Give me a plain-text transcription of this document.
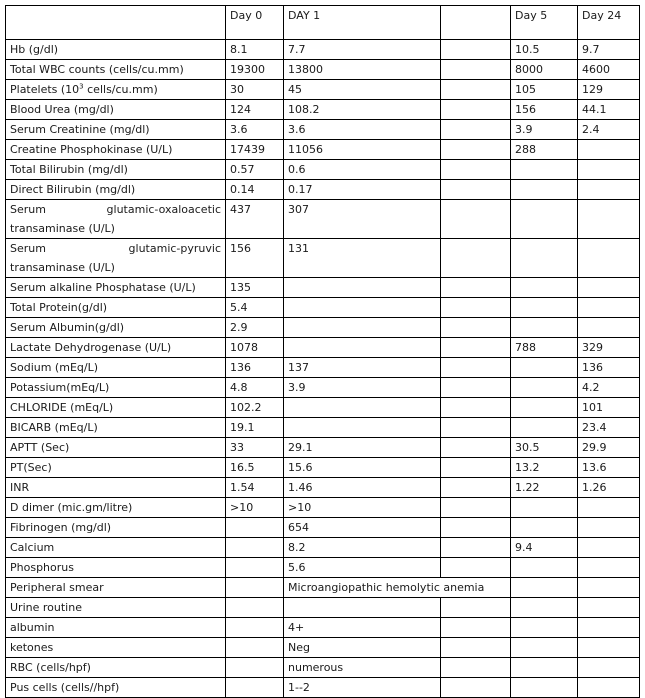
	Day 0	DAY 1		Day 5	Day 24
Hb (g/dl)	8.1	7.7		10.5	9.7
Total WBC counts (cells/cu.mm)	19300	13800		8000	4600
Platelets ($10^3$ cells/cu.mm)	30	45		105	129
Blood Urea (mg/dl)	124	108.2		156	44.1
Serum Creatinine (mg/dl)	3.6	3.6		3.9	2.4
Creatine Phosphokinase (U/L)	17439	11056		288	
Total Bilirubin (mg/dl)	0.57	0.6			
Direct Bilirubin (mg/dl)	0.14	0.17			

Serum glutamic-oxaloacetic
transaminase (U/L)	437	307			

Serum glutamic-pyruvic
transaminase (U/L)	156	131			
Serum alkaline Phosphatase (U/L)	135				
Total Protein(g/dl)	5.4				
Serum Albumin(g/dl)	2.9				
Lactate Dehydrogenase (U/L)	1078			788	329
Sodium (mEq/L)	136	137			136
Potassium(mEq/L)	4.8	3.9			4.2
CHLORIDE (mEq/L)	102.2				101
BICARB (mEq/L)	19.1				23.4
APTT (Sec)	33	29.1		30.5	29.9
PT(Sec)	16.5	15.6		13.2	13.6
INR	1.54	1.46		1.22	1.26
D dimer (mic.gm/litre)	>10	>10			
Fibrinogen (mg/dl)		654			
Calcium		8.2		9.4	
Phosphorus		5.6			
Peripheral smear		Microangiopathic hemolytic anemia			
Urine routine					
albumin		4+			
ketones		Neg			
RBC (cells/hpf)		numerous			
Pus cells (cells//hpf)		1--2			
